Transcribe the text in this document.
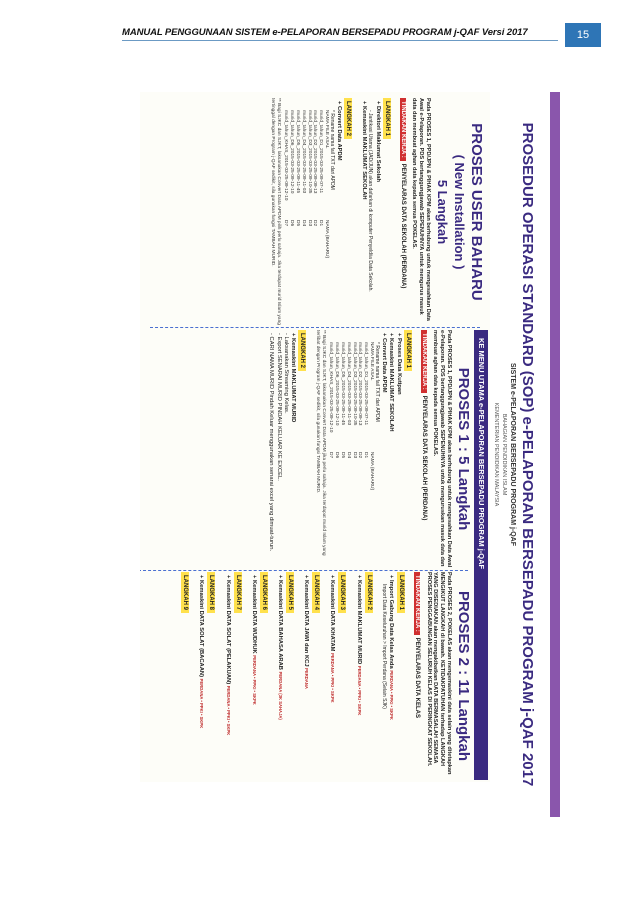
MANUAL PENGGUNAAN SISTEM e-PELAPORAN BERSEPADU PROGRAM j-QAF Versi 2017	15
PROSEDUR OPERASI STANDARD (SOP) e-PELAPORAN BERSEPADU PROGRAM j-QAF 2017
SISTEM e-PELAPORAN BERSEPADU PROGRAM j-QAF
BAHAGIAN PENDIDIKAN ISLAM
KEMENTERIAN PENDIDIKAN MALAYSIA
KE MENU UTAMA e-PELAPORAN BERSEPADU PROGRAM j-QAF
PROSES USER BAHARU
( New Installation )
5 Langkah
Pada PROSES 1, PPD/JPN & PIHAK KPM akan berhubung untuk mengesahkan Data Awal e-Pelaporan. PDS bertanggungjawab SEPENUHNYA untuk mengurus masuk data dan membuat aghan data kepada semua POKELAS.
TINDAKAN KERJA :PENYELARAS DATA SEKOLAH (PERDANA)
LANGKAH 1
+ Direktori Maklumat Sekolah
- Jantikasi Utama (JAD/JUN) akan dafarkan di komputer Penyeldiia Data Sekolah.
+ Kemaskini MAKLUMAT SEKOLAH
LANGKAH 2
+ Convert Data APDM
* Rename nama fail TXT dari APDM
NAMA FILE ASALNAMA (BAHARU)
murid_tahun_D1_2015-03-25-09-07-11D1
murid_tahun_D2_2015-03-25-09-09-13D2
murid_tahun_D3_2015-03-25-09-10-35D3
murid_tahun_D4_2015-03-25-09-11-03D4
murid_tahun_D5_2015-03-25-09-11-45D5
murid_tahun_D6_2015-03-25-09-12-10D6
murid_tahun_KHAS_2015-03-25-09-12-10D7
** Bagi SJKC dan SJKT, laksanakan Convert Data APDM pilih perlu sahaja. Jika terdapat murid Islam yang tertinggal dengan Program j-QAF sedikit, sila gunakan fungsi TAMBAH MURID.
PROSES 1 : 5 Langkah
Pada PROSES 1, PPD/JPN & PIHAK KPM akan berhubung untuk mengesahkan Data Awal e-Pelaporan. PDS bertanggungjawab SEPENUHNYA untuk menguruskan masuk data dan membuat aghan data kepada semua POKELAS.
TINDAKAN KERJA :PENYELARAS DATA SEKOLAH (PERDANA)
LANGKAH 1
+ Proses Data Kutipan
+ Kemaskini MAKLUMAT SEKOLAH
+ Convert Data APDM
* Rename nama fail TXT dari APDM
NAMA FILE ASALNAMA (BAHARU)
murid_tahun_D1_2015-03-25-09-07-11D1
murid_tahun_D2_2015-03-25-09-09-13D2
murid_tahun_D3_2015-03-25-09-10-35D3
murid_tahun_D4_2015-03-25-09-11-03D4
murid_tahun_D5_2015-03-25-09-11-45D5
murid_tahun_D6_2015-03-25-09-12-10D6
murid_tahun_KHAS_2015-03-25-09-12-10D7
** Bagi SJKC dan SJKT, laksanakan Convert Data APDM jika perlu sahaja. Jika terdapat murid Islam yang terlibat dengan Program j-QAF sedikit, sila gunakan fungsi TAMBAH MURID.
LANGKAH 2
+ Kemaskini MAKLUMAT MURID
- Laksanakan Streaming Kelas.
- Export SENARAI MURID PINDAH KELUAR KE EXCEL.
- CARI NAMA MURID Pindah Keluar menggunakan senarai excel yang dimuat-turun.
PROSES 2 : 11 Langkah
Pada PROSES 2, POKELAS akan mengemaskini data selain yang ditetapkan MENGIKUT LANGKAH di bawah. KETIDAKPATUHAN terhadap LANGKAH YANG DISEDIAKAN akan mengakibatkan DATA BERMASALAH SEMASA PROSES PENGGABUNGAN SELURUH KELAS DI PERINGKAT SEKOLAH.
TINDAKAN KERJA :PENYELARAS DATA KELAS
LANGKAH 1
+ Import Gabung Data Kelas Anda PERDANA • PPKI • SKPK
Import Data Keseluruhan > Import Perdana (Selain SJK)
LANGKAH 2
+ Kemaskini MAKLUMAT MURID PERDANA • PPKI • SKPK
LANGKAH 3
+ Kemaskini DATA KHATAM PERDANA • PPKI • SKPK
LANGKAH 4
+ Kemaskini DATA JAWI dan KCJ PERDANA
LANGKAH 5
+ Kemaskini DATA BAHASA ARAB PERDANA (3K SAHAJA)
LANGKAH 6
+ Kemaskini DATA WUDHUK PERDANA • PPKI • SKPK
LANGKAH 7
+ Kemaskini DATA SOLAT (PELAKUAN) PERDANA • PPKI • SKPK
LANGKAH 8
+ Kemaskini DATA SOLAT (BACAAN) PERDANA • PPKI • SKPK
LANGKAH 9
